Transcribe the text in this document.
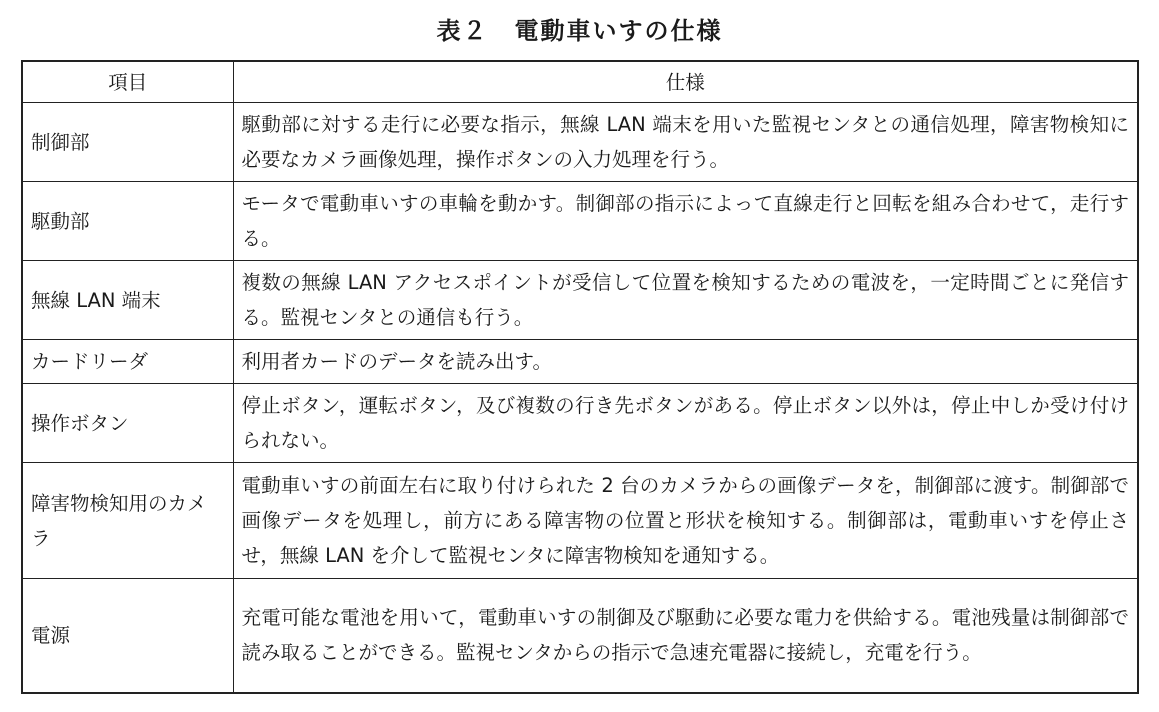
表２　電動車いすの仕様
項目	仕様
制御部	駆動部に対する走行に必要な指示，無線 LAN 端末を用いた監視センタとの通信処理，障害物検知に必要なカメラ画像処理，操作ボタンの入力処理を行う。
駆動部	モータで電動車いすの車輪を動かす。制御部の指示によって直線走行と回転を組み合わせて，走行する。
無線 LAN 端末	複数の無線 LAN アクセスポイントが受信して位置を検知するための電波を，一定時間ごとに発信する。監視センタとの通信も行う。
カードリーダ	利用者カードのデータを読み出す。
操作ボタン	停止ボタン，運転ボタン，及び複数の行き先ボタンがある。停止ボタン以外は，停止中しか受け付けられない。
障害物検知用のカメラ	電動車いすの前面左右に取り付けられた 2 台のカメラからの画像データを，制御部に渡す。制御部で画像データを処理し，前方にある障害物の位置と形状を検知する。制御部は，電動車いすを停止させ，無線 LAN を介して監視センタに障害物検知を通知する。
電源	充電可能な電池を用いて，電動車いすの制御及び駆動に必要な電力を供給する。電池残量は制御部で読み取ることができる。監視センタからの指示で急速充電器に接続し，充電を行う。
